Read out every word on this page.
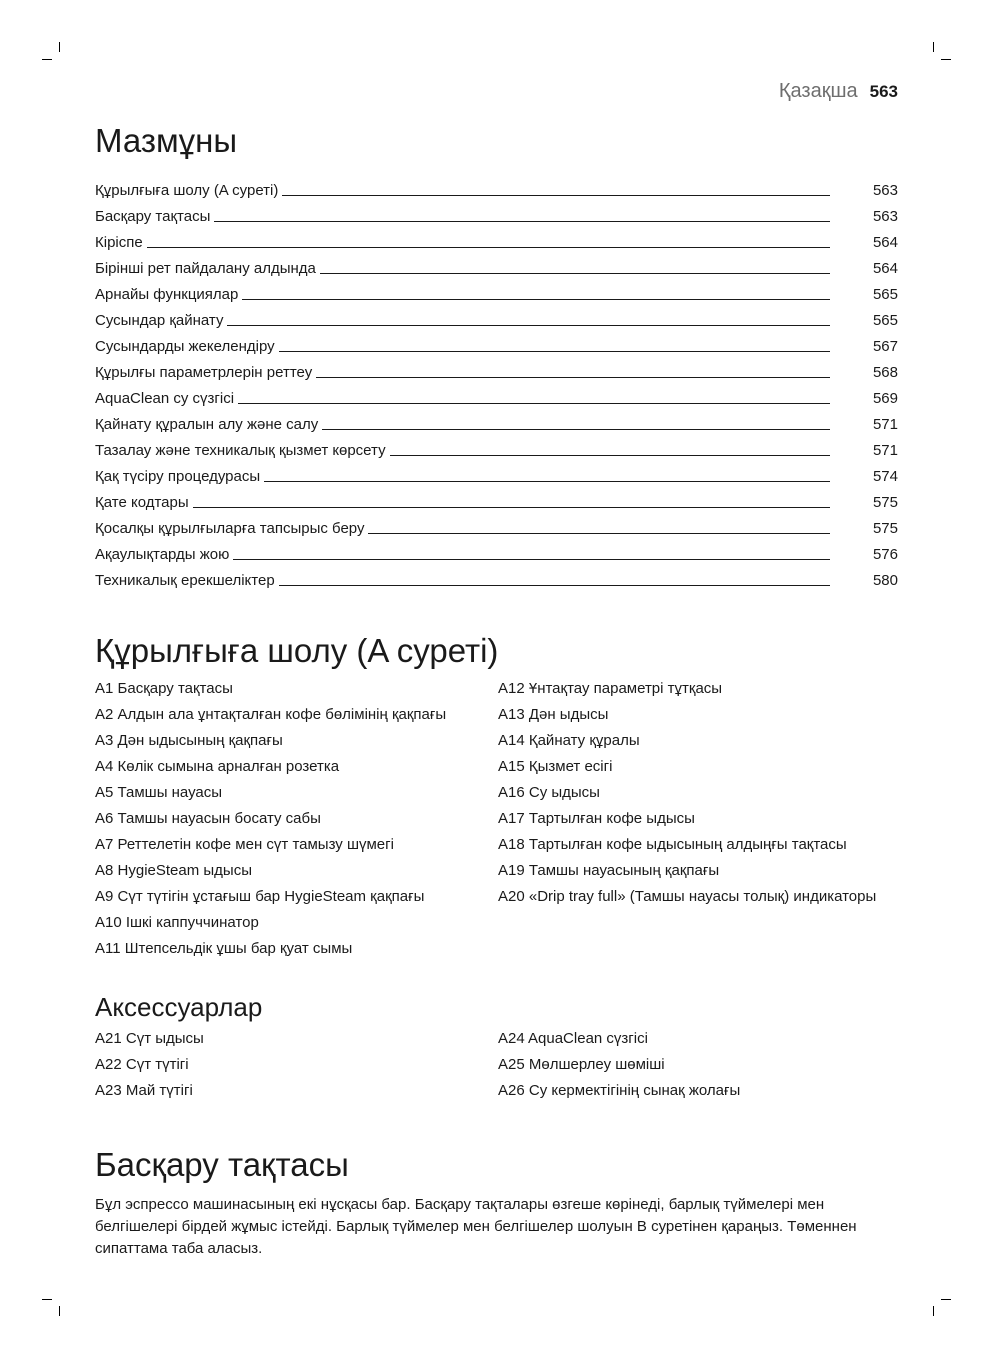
Қазақша 563
Мазмұны
Құрылғыға шолу (A суреті)	563
Басқару тақтасы	563
Кіріспе	564
Бірінші рет пайдалану алдында	564
Арнайы функциялар	565
Сусындар қайнату	565
Сусындарды жекелендіру	567
Құрылғы параметрлерін реттеу	568
AquaClean су сүзгісі	569
Қайнату құралын алу және салу	571
Тазалау және техникалық қызмет көрсету	571
Қақ түсіру процедурасы	574
Қате кодтары	575
Қосалқы құрылғыларға тапсырыс беру	575
Ақаулықтарды жою	576
Техникалық ерекшеліктер	580
Құрылғыға шолу (A суреті)
A1 Басқару тақтасы
A2 Алдын ала ұнтақталған кофе бөлімінің қақпағы
A3 Дән ыдысының қақпағы
A4 Көлік сымына арналған розетка
A5 Тамшы науасы
A6 Тамшы науасын босату сабы
A7 Реттелетін кофе мен сүт тамызу шүмегі
A8 HygieSteam ыдысы
A9 Сүт түтігін ұстағыш бар HygieSteam қақпағы
A10 Ішкі каппуччинатор
A11 Штепсельдік ұшы бар қуат сымы
A12 Ұнтақтау параметрі тұтқасы
A13 Дән ыдысы
A14 Қайнату құралы
A15 Қызмет есігі
A16 Су ыдысы
A17 Тартылған кофе ыдысы
A18 Тартылған кофе ыдысының алдыңғы тақтасы
A19 Тамшы науасының қақпағы
A20 «Drip tray full» (Тамшы науасы толық) индикаторы
Аксессуарлар
A21 Сүт ыдысы
A22 Сүт түтігі
A23 Май түтігі
A24 AquaClean сүзгісі
A25 Мөлшерлеу шөміші
A26 Су кермектігінің сынақ жолағы
Басқару тақтасы

Бұл эспрессо машинасының екі нұсқасы бар. Басқару тақталары өзгеше көрінеді, барлық түймелері мен белгішелері бірдей жұмыс істейді. Барлық түймелер мен белгішелер шолуын B суретінен қараңыз. Төменнен сипаттама таба аласыз.
